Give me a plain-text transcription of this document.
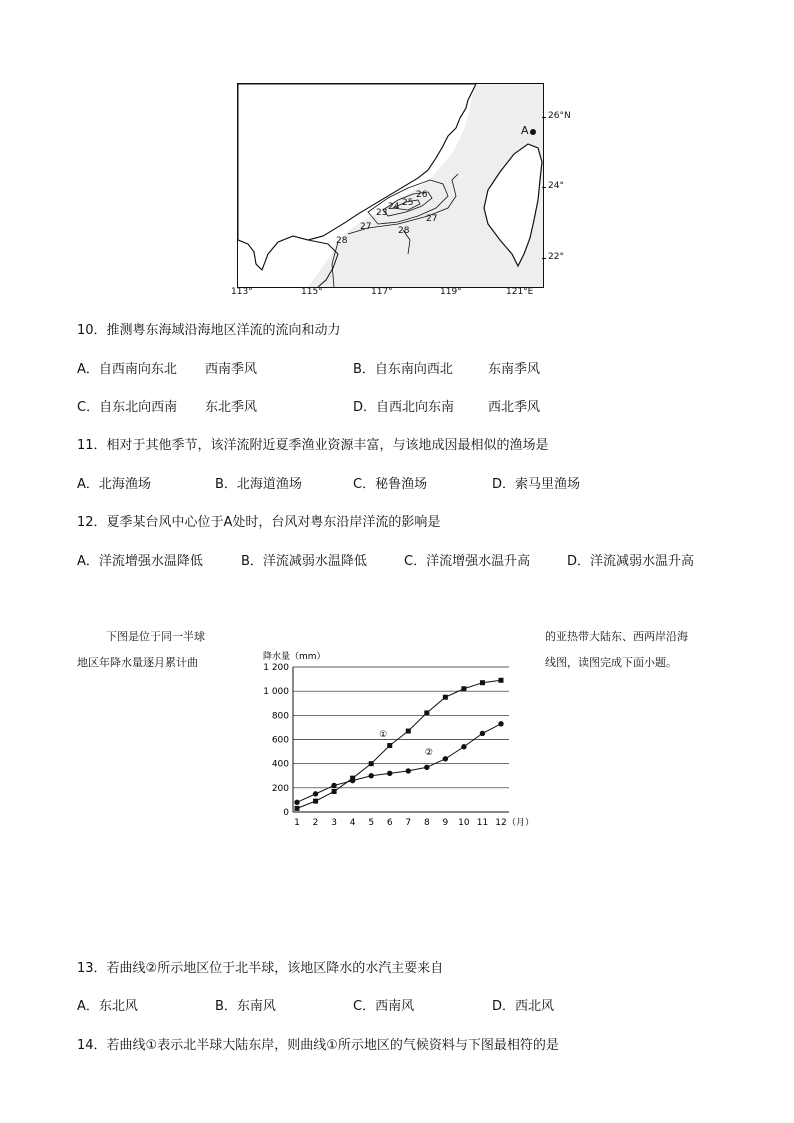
28
27
27
28
25
26
24
23
A
26°N
24°
22°
113°	115°	117°	119°	121°E
10．推测粤东海域沿海地区洋流的流向和动力
A．自西南向东北 西南季风	B．自东南向西北	东南季风
C．自东北向西南 东北季风	D．自西北向东南	西北季风
11．相对于其他季节，该洋流附近夏季渔业资源丰富，与该地成因最相似的渔场是
A．北海渔场	B．北海道渔场	C．秘鲁渔场	D．索马里渔场
12．夏季某台风中心位于A处时，台风对粤东沿岸洋流的影响是
A．洋流增强水温降低	B．洋流减弱水温降低	C．洋流增强水温升高	D．洋流减弱水温升高
下图是位于同一半球
地区年降水量逐月累计曲
的亚热带大陆东、西两岸沿海
线图，读图完成下面小题。
降水量（mm）
（月）
①
②
0
200
400
600
800
1 000
1 200
1 2 3 4 5 6 7 8 9 10 11 12
13．若曲线②所示地区位于北半球，该地区降水的水汽主要来自
A．东北风	B．东南风	C．西南风	D．西北风
14．若曲线①表示北半球大陆东岸，则曲线①所示地区的气候资料与下图最相符的是
